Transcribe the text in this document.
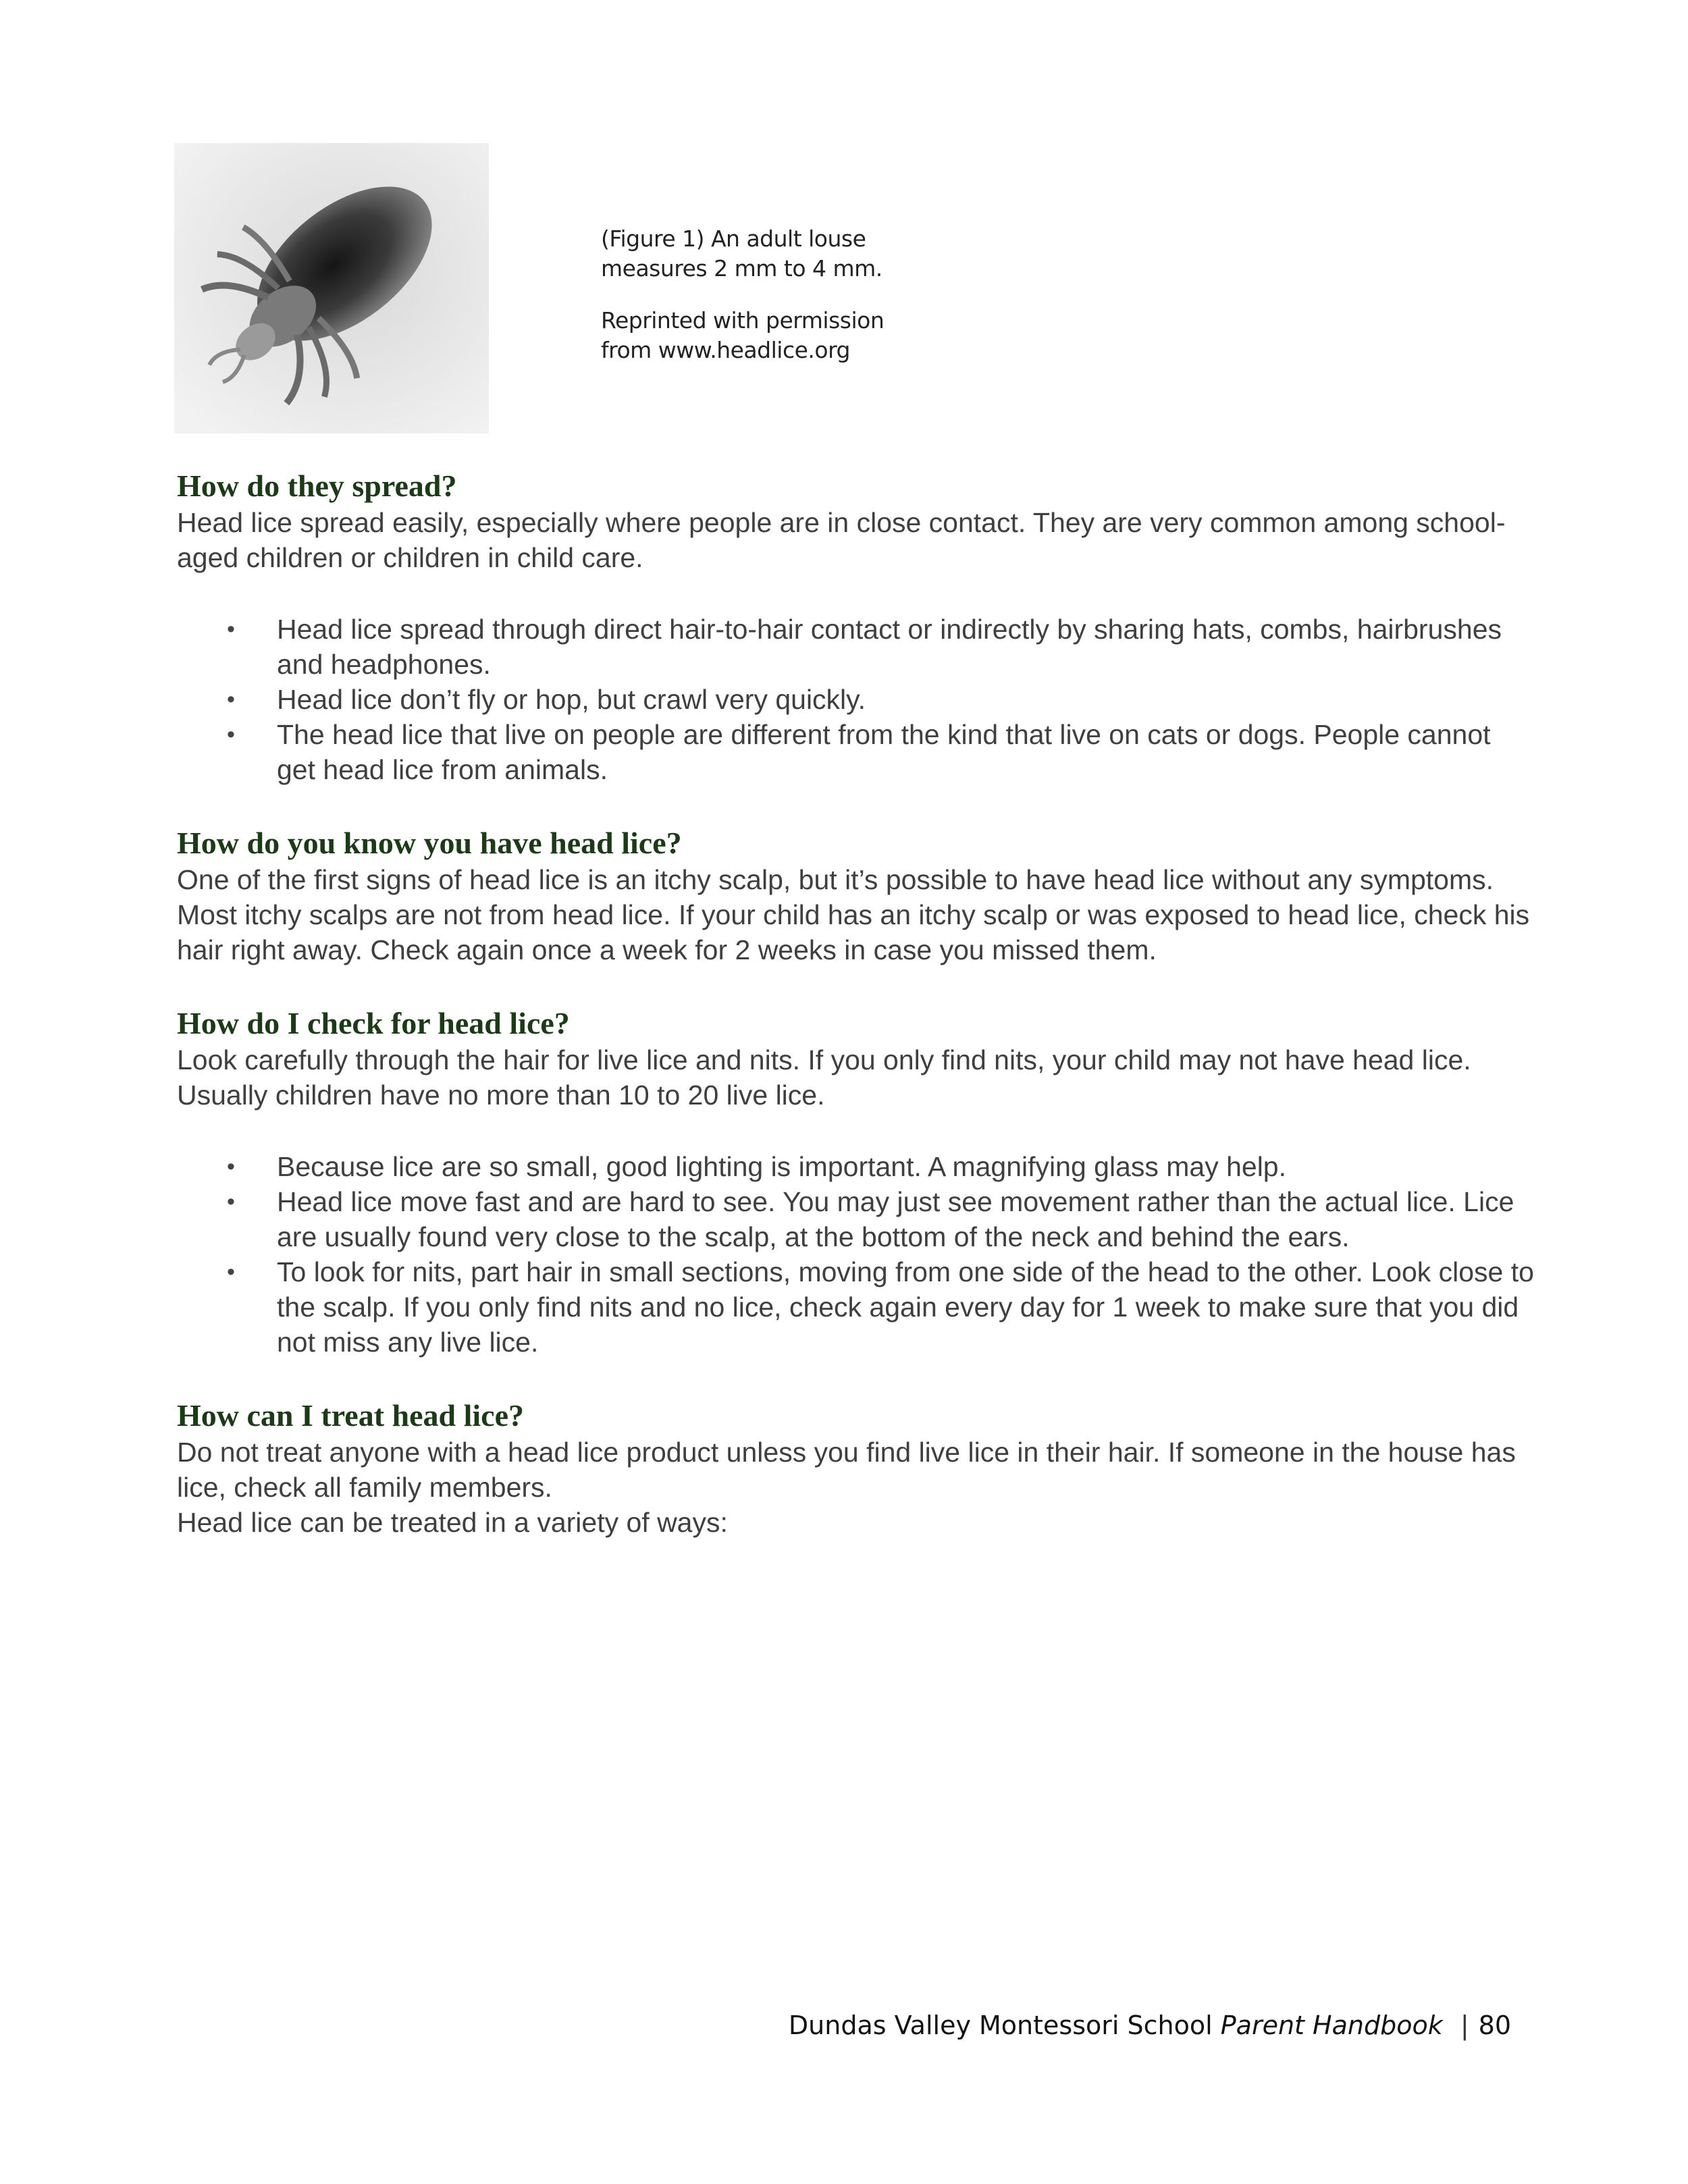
(Figure 1) An adult louse

measures 2 mm to 4 mm.

Reprinted with permission

from www.headlice.org

How do they spread?

Head lice spread easily, especially where people are in close contact. They are very common among school-aged children or children in child care.

• Head lice spread through direct hair-to-hair contact or indirectly by sharing hats, combs, hairbrushes and headphones.
• Head lice don’t fly or hop, but crawl very quickly.
• The head lice that live on people are different from the kind that live on cats or dogs. People cannot get head lice from animals.
How do you know you have head lice?

One of the first signs of head lice is an itchy scalp, but it’s possible to have head lice without any symptoms. Most itchy scalps are not from head lice. If your child has an itchy scalp or was exposed to head lice, check his hair right away. Check again once a week for 2 weeks in case you missed them.

How do I check for head lice?

Look carefully through the hair for live lice and nits. If you only find nits, your child may not have head lice. Usually children have no more than 10 to 20 live lice.

• Because lice are so small, good lighting is important. A magnifying glass may help.
• Head lice move fast and are hard to see. You may just see movement rather than the actual lice. Lice are usually found very close to the scalp, at the bottom of the neck and behind the ears.
• To look for nits, part hair in small sections, moving from one side of the head to the other. Look close to the scalp. If you only find nits and no lice, check again every day for 1 week to make sure that you did not miss any live lice.
How can I treat head lice?

Do not treat anyone with a head lice product unless you find live lice in their hair. If someone in the house has lice, check all family members.

Head lice can be treated in a variety of ways:

Dundas Valley Montessori School Parent Handbook | 80
